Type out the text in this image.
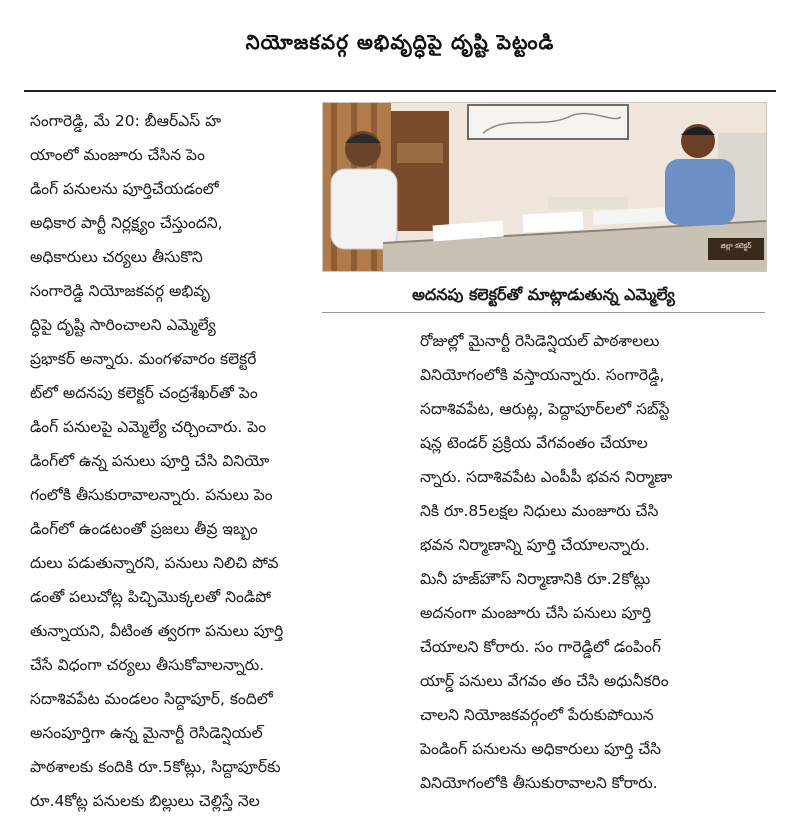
నియోజకవర్గ అభివృద్ధిపై దృష్టి పెట్టండి
సంగారెడ్డి, మే 20: బీఆర్ఎస్ హ
యాంలో మంజూరు చేసిన పెం
డింగ్ పనులను పూర్తిచేయడంలో
అధికార పార్టీ నిర్లక్ష్యం చేస్తుందని,
అధికారులు చర్యలు తీసుకొని
సంగారెడ్డి నియోజకవర్గ అభివృ
ద్ధిపై దృష్టి సారించాలని ఎమ్మెల్యే
ప్రభాకర్ అన్నారు. మంగళవారం కలెక్టరే
ట్‌లో అదనపు కలెక్టర్ చంద్రశేఖర్‌తో పెం
డింగ్ పనులపై ఎమ్మెల్యే చర్చించారు. పెం
డింగ్‌లో ఉన్న పనులు పూర్తి చేసి వినియో
గంలోకి తీసుకురావాలన్నారు. పనులు పెం
డింగ్‌లో ఉండటంతో ప్రజలు తీవ్ర ఇబ్బం
దులు పడుతున్నారని, పనులు నిలిచి పోవ
డంతో పలుచోట్ల పిచ్చిమొక్కలతో నిండిపో
తున్నాయని, వీటింత త్వరగా పనులు పూర్తి
చేసే విధంగా చర్యలు తీసుకోవాలన్నారు.
సదాశివపేట మండలం సిద్దాపూర్, కందిలో
అసంపూర్తిగా ఉన్న మైనార్టీ రెసిడెన్షియల్
పాఠశాలకు కందికి రూ.5కోట్లు, సిద్దాపూర్‌కు
రూ.4కోట్ల పనులకు బిల్లులు చెల్లిస్తే నెల
జిల్లా కలెక్టర్
అదనపు కలెక్టర్‌తో మాట్లాడుతున్న ఎమ్మెల్యే
రోజుల్లో మైనార్టీ రెసిడెన్షియల్ పాఠశాలలు
వినియోగంలోకి వస్తాయన్నారు. సంగారెడ్డి,
సదాశివపేట, ఆరుట్ల, పెద్దాపూర్‌లలో సబ్‌స్టే
షన్ల టెండర్ ప్రక్రియ వేగవంతం చేయాల
న్నారు. సదాశివపేట ఎంపీపీ భవన నిర్మాణా
నికి రూ.85లక్షల నిధులు మంజూరు చేసి
భవన నిర్మాణాన్ని పూర్తి చేయాలన్నారు.
మినీ హజ్‌హౌస్ నిర్మాణానికి రూ.2కోట్లు
అదనంగా మంజూరు చేసి పనులు పూర్తి
చేయాలని కోరారు. సం గారెడ్డిలో డంపింగ్
యార్డ్ పనులు వేగవం తం చేసి అధునీకరిం
చాలని నియోజకవర్గంలో పేరుకుపోయిన
పెండింగ్ పనులను అధికారులు పూర్తి చేసి
వినియోగంలోకి తీసుకురావాలని కోరారు.
